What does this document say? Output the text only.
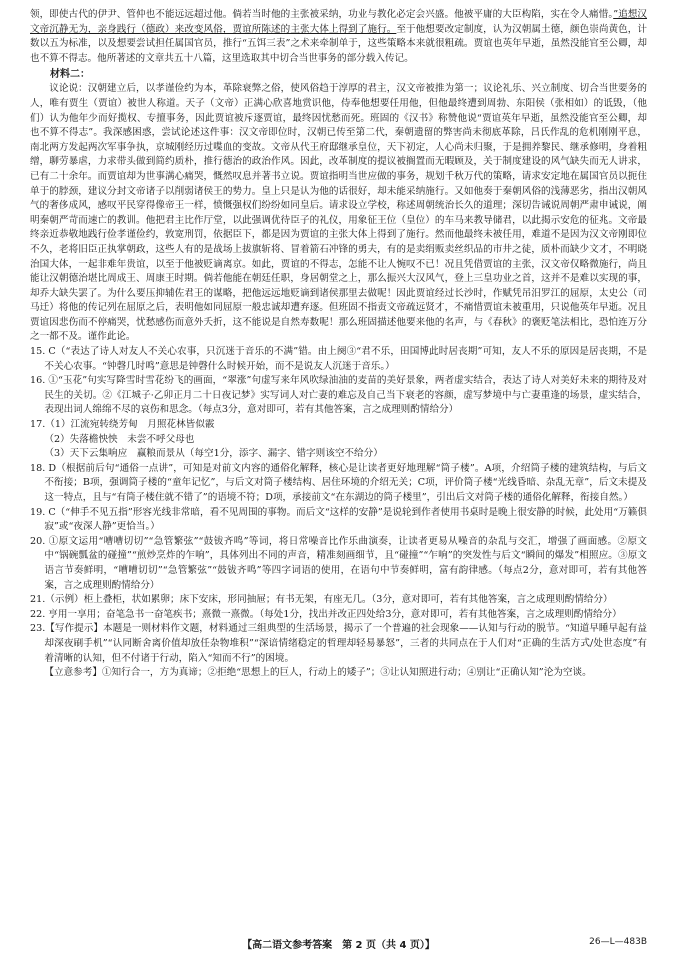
领，即使古代的伊尹、管仲也不能远远超过他。倘若当时他的主张被采纳，功业与教化必定会兴盛。他被平庸的大臣构陷，实在令人痛惜。”追想汉文帝沉静无为，亲身践行（德政）来改变风俗，贾谊所陈述的主张大体上得到了施行。至于他想要改定制度，认为汉朝属土德，颜色崇尚黄色，计数以五为标准，以及想要尝试担任属国官员，推行“五饵三表”之术来牵制单于，这些策略本来就很粗疏。贾谊也英年早逝，虽然没能官至公卿，却也不算不得志。他所著述的文章共五十八篇，这里选取其中切合当世事务的部分载入传记。

材料二：

议论说：汉朝建立后，以孝谨俭约为本，革除衰弊之俗，使风俗趋于淳厚的君主，汉文帝被推为第一；议论礼乐、兴立制度、切合当世要务的人，唯有贾生（贾谊）被世人称道。天子（文帝）正满心欣喜地赏识他，侍奉他想要任用他，但他最终遭到周勃、东阳侯（张相如）的诋毁，（他们）认为他年少而好揽权、专擅事务，因此贾谊被斥逐贾谊，最终因忧愁而死。班固的《汉书》称赞他说“贾谊英年早逝，虽然没能官至公卿，却也不算不得志”。我深感困惑，尝试论述这件事：汉文帝即位时，汉朝已传至第二代，秦朝遗留的弊害尚未彻底革除，吕氏作乱的危机刚刚平息，南北两方发起两次军事争执，京城刚经历过喋血的变故。文帝从代王府邸继承皇位，天下初定，人心尚未归聚，于是拥养黎民、继承修明，身着粗缯，聊劳暴虐，力求带头做到简约质朴，推行德治的政治作风。因此，改革制度的提议被搁置而无暇顾及，关于制度建设的风气缺失而无人讲求，已有二十余年。而贾谊却为世事满心痛哭，慨然叹息并著书立说。贾谊指明当世应做的事务，规划千秋万代的策略，请求安定地在属国官员以扼住单于的脖颈，建议分封文帝诸子以削弱诸侯王的势力。皇上只是认为他的话很好，却未能采纳施行。又如他奏于秦朝风俗的浅薄恶劣，指出汉朝风气的奢侈成风，感叹平民穿得像帝王一样，愤慨强权们纷纷如同皇后。请求设立学校，称述周朝统治长久的道理；深切告诫说周朝严肃申诫说，阐明秦朝严苛而速亡的教训。他把君主比作厅堂，以此强调优待臣子的礼仪，用象征王位（皇位）的车马来教导储君，以此揭示安危的征兆。文帝最终亲近恭敬地践行俭孝谨俭约，敦宽刑罚，依据臣下，都是因为贾谊的主张大体上得到了施行。然而他最终未被任用，难道不是因为汉文帝刚即位不久，老将旧臣正执掌朝政，这些人有的是战场上拔旗斩将、冒着箭石冲锋的勇夫，有的是卖绢贩卖丝织品的市井之徒，质朴而缺少文才，不明晓治国大体，一起非难年贵谊，以至于他被贬谪离京。如此，贾谊的不得志，怎能不让人惋叹不已！况且凭借贾谊的主张，汉文帝仅略微施行，尚且能让汉朝德治堪比周成王、周康王时期。倘若他能在朝廷任职，身居朝堂之上，那么振兴大汉风气，登上三皇功业之首，这并不是难以实现的事，却乔大缺失罢了。为什么要压抑辅佐君王的谋略，把他远远地贬谪到诸侯那里去做呢！因此贾谊经过长沙时，作赋凭吊汨罗江的屈原，太史公（司马迁）将他的传记列在屈原之后，表明他如同屈原一般忠诚却遭弃逐。但班固不指责文帝疏远贤才，不痛惜贾谊未被重用，只说他英年早逝。况且贾谊因悲伤而不停痛哭，忧愁感伤而意外夭折，这不能说是自然寿数呢！那么班固描述他要来他的名声，与《春秋》的褒贬笔法相比，恐怕连万分之一都不及。谨作此论。

15. C（“表达了诗人对友人不关心农事，只沉迷于音乐的不满”错。由上阕③“君不乐，田国博此时居丧期”可知，友人不乐的原因是居丧期，不是不关心农事。“钟磬几时鸣”意思是钟磬什么时候开始，而不是说友人沉迷于音乐。）

16. ①“玉花”句实写降雪时雪花纷飞的画面，“翠涨”句虚写来年风吹绿油油的麦苗的美好景象，两者虚实结合，表达了诗人对美好未来的期待及对民生的关切。②《江城子·乙卯正月二十日夜记梦》实写词人对亡妻的难忘及自己当下衰老的容颜，虚写梦境中与亡妻重逢的场景，虚实结合，表现出词人绵绵不尽的哀伤和思念。（每点3分，意对即可，若有其他答案，言之成理则酌情给分）

17.（1）江流宛转绕芳甸　月照花林皆似霰
（2）失落檐怏怏　未尝不呼父母也
（3）天下云集响应　赢粮而景从（每空1分，添字、漏字、错字则该空不给分）

18. D（根据前后句“通俗一点讲”，可知是对前文内容的通俗化解释，核心是让读者更好地理解“筒子楼”。A项，介绍筒子楼的建筑结构，与后文不衔接；B项，强调筒子楼的“童年记忆”，与后文对筒子楼结构、居住环境的介绍无关；C项，评价筒子楼“光线昏暗、杂乱无章”，后文未提及这一特点，且与“有筒子楼住就不错了”的语境不符；D项，承接前文“在东湖边的筒子楼里”，引出后文对筒子楼的通俗化解释，衔接自然。）

19. C（“伸手不见五指”形容光线非常暗，看不见周围的事物。而后文“这样的安静”是说轮到作者使用书桌时是晚上很安静的时候，此处用“万籁俱寂”或“夜深人静”更恰当。）

20. ①原文运用“嘈嘈切切”“急管繁弦”“鼓钹齐鸣”等词，将日常噪音比作乐曲演奏，让读者更易从噪音的杂乱与交汇，增强了画面感。②原文中“锅碗瓢盆的碰撞”“煎炒烹炸的乍响”，具体列出不同的声音，精准刻画细节，且“碰撞”“乍响”的突发性与后文“瞬间的爆发”相照应。③原文语言节奏鲜明，“嘈嘈切切”“急管繁弦”“鼓钹齐鸣”等四字词语的使用，在语句中节奏鲜明，富有韵律感。（每点2分，意对即可，若有其他答案，言之成理则酌情给分）

21.（示例）柜上叠柜，状如累卵；床下安床，形同抽屉；有书无架，有座无几。（3分，意对即可，若有其他答案，言之成理则酌情给分）

22. 亨用一享用；奋笔急书一奋笔疾书；熹微一熹微。（每处1分，找出并改正四处给3分，意对即可，若有其他答案，言之成理则酌情给分）

23.【写作提示】本题是一则材料作文题，材料通过三组典型的生活场景，揭示了一个普遍的社会现象——认知与行动的脱节。“知道早睡早起有益却深夜刷手机”“认同断舍离价值却放任杂物堆积”“深谙情绪稳定的哲理却轻易暴怒”，三者的共同点在于人们对“正确的生活方式/处世态度”有着清晰的认知，但不付诸于行动，陷入“知而不行”的困境。
【立意参考】①知行合一，方为真谛；②拒绝“思想上的巨人，行动上的矮子”；③让认知照进行动；④别让“正确认知”沦为空谈。

【高二语文参考答案　第 2 页（共 4 页）】	26—L—483B
